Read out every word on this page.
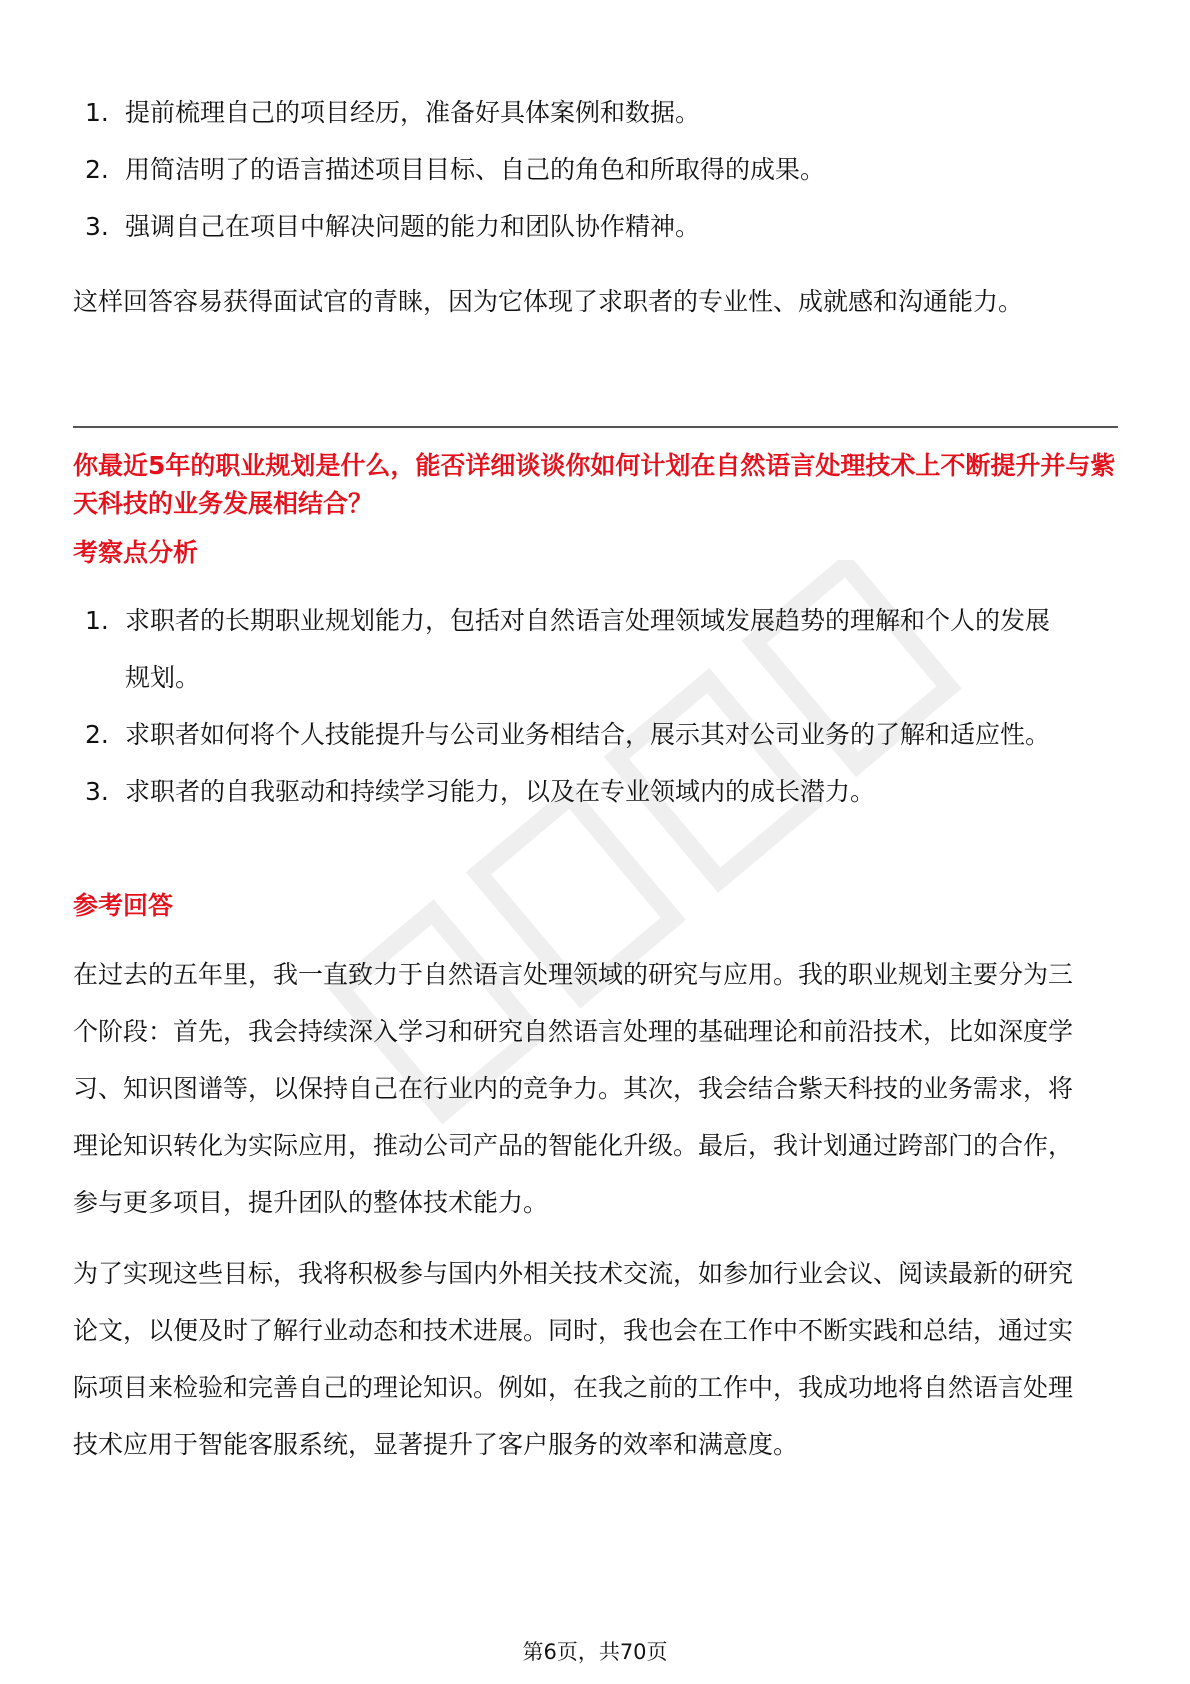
1. 提前梳理自己的项目经历，准备好具体案例和数据。
2. 用简洁明了的语言描述项目目标、自己的角色和所取得的成果。
3. 强调自己在项目中解决问题的能力和团队协作精神。

这样回答容易获得面试官的青睐，因为它体现了求职者的专业性、成就感和沟通能力。

你最近5年的职业规划是什么，能否详细谈谈你如何计划在自然语言处理技术上不断提升并与紫天科技的业务发展相结合？

考察点分析

1. 求职者的长期职业规划能力，包括对自然语言处理领域发展趋势的理解和个人的发展规划。
2. 求职者如何将个人技能提升与公司业务相结合，展示其对公司业务的了解和适应性。
3. 求职者的自我驱动和持续学习能力，以及在专业领域内的成长潜力。

参考回答

在过去的五年里，我一直致力于自然语言处理领域的研究与应用。我的职业规划主要分为三个阶段：首先，我会持续深入学习和研究自然语言处理的基础理论和前沿技术，比如深度学习、知识图谱等，以保持自己在行业内的竞争力。其次，我会结合紫天科技的业务需求，将理论知识转化为实际应用，推动公司产品的智能化升级。最后，我计划通过跨部门的合作，参与更多项目，提升团队的整体技术能力。

为了实现这些目标，我将积极参与国内外相关技术交流，如参加行业会议、阅读最新的研究论文，以便及时了解行业动态和技术进展。同时，我也会在工作中不断实践和总结，通过实际项目来检验和完善自己的理论知识。例如，在我之前的工作中，我成功地将自然语言处理技术应用于智能客服系统，显著提升了客户服务的效率和满意度。

第6页，共70页
